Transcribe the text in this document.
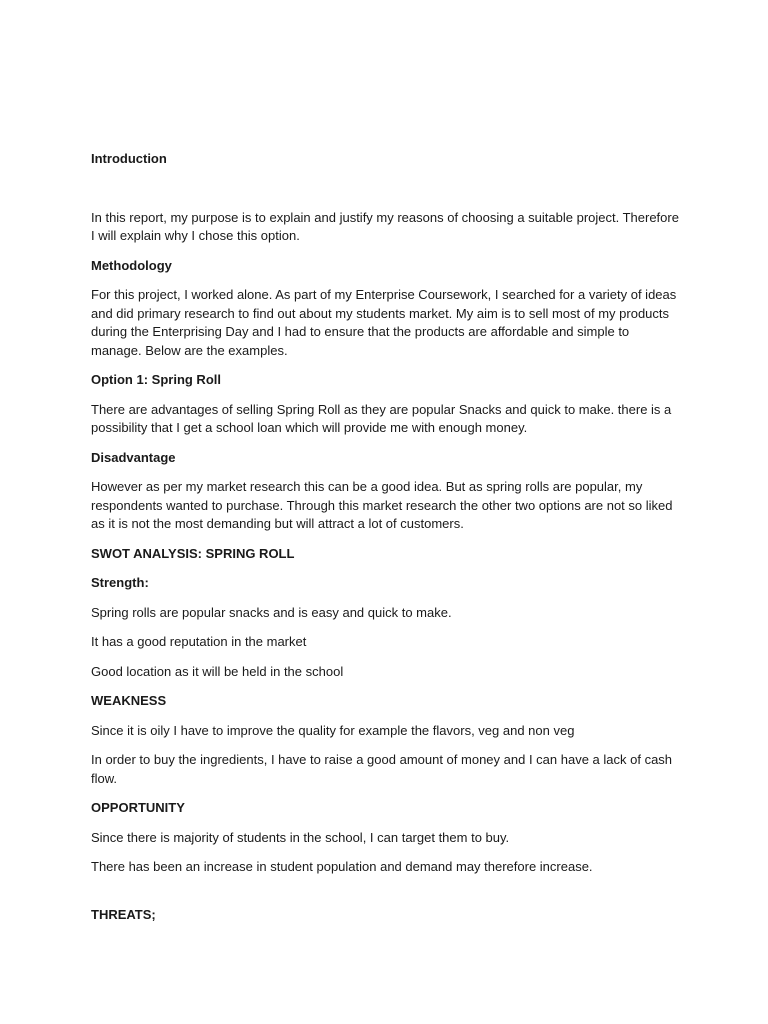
Introduction

In this report, my purpose is to explain and justify my reasons of choosing a suitable project. Therefore I will explain why I chose this option.

Methodology

For this project, I worked alone. As part of my Enterprise Coursework, I searched for a variety of ideas and did primary research to find out about my students market. My aim is to sell most of my products during the Enterprising Day and I had to ensure that the products are affordable and simple to manage. Below are the examples.

Option 1: Spring Roll

There are advantages of selling Spring Roll as they are popular Snacks and quick to make. there is a possibility that I get a school loan which will provide me with enough money.

Disadvantage

However as per my market research this can be a good idea. But as spring rolls are popular, my respondents wanted to purchase. Through this market research the other two options are not so liked as it is not the most demanding but will attract a lot of customers.

SWOT ANALYSIS: SPRING ROLL
Strength:

Spring rolls are popular snacks and is easy and quick to make.

It has a good reputation in the market

Good location as it will be held in the school

WEAKNESS

Since it is oily I have to improve the quality for example the flavors, veg and non veg

In order to buy the ingredients, I have to raise a good amount of money and I can have a lack of cash flow.

OPPORTUNITY

Since there is majority of students in the school, I can target them to buy.

There has been an increase in student population and demand may therefore increase.

THREATS;
